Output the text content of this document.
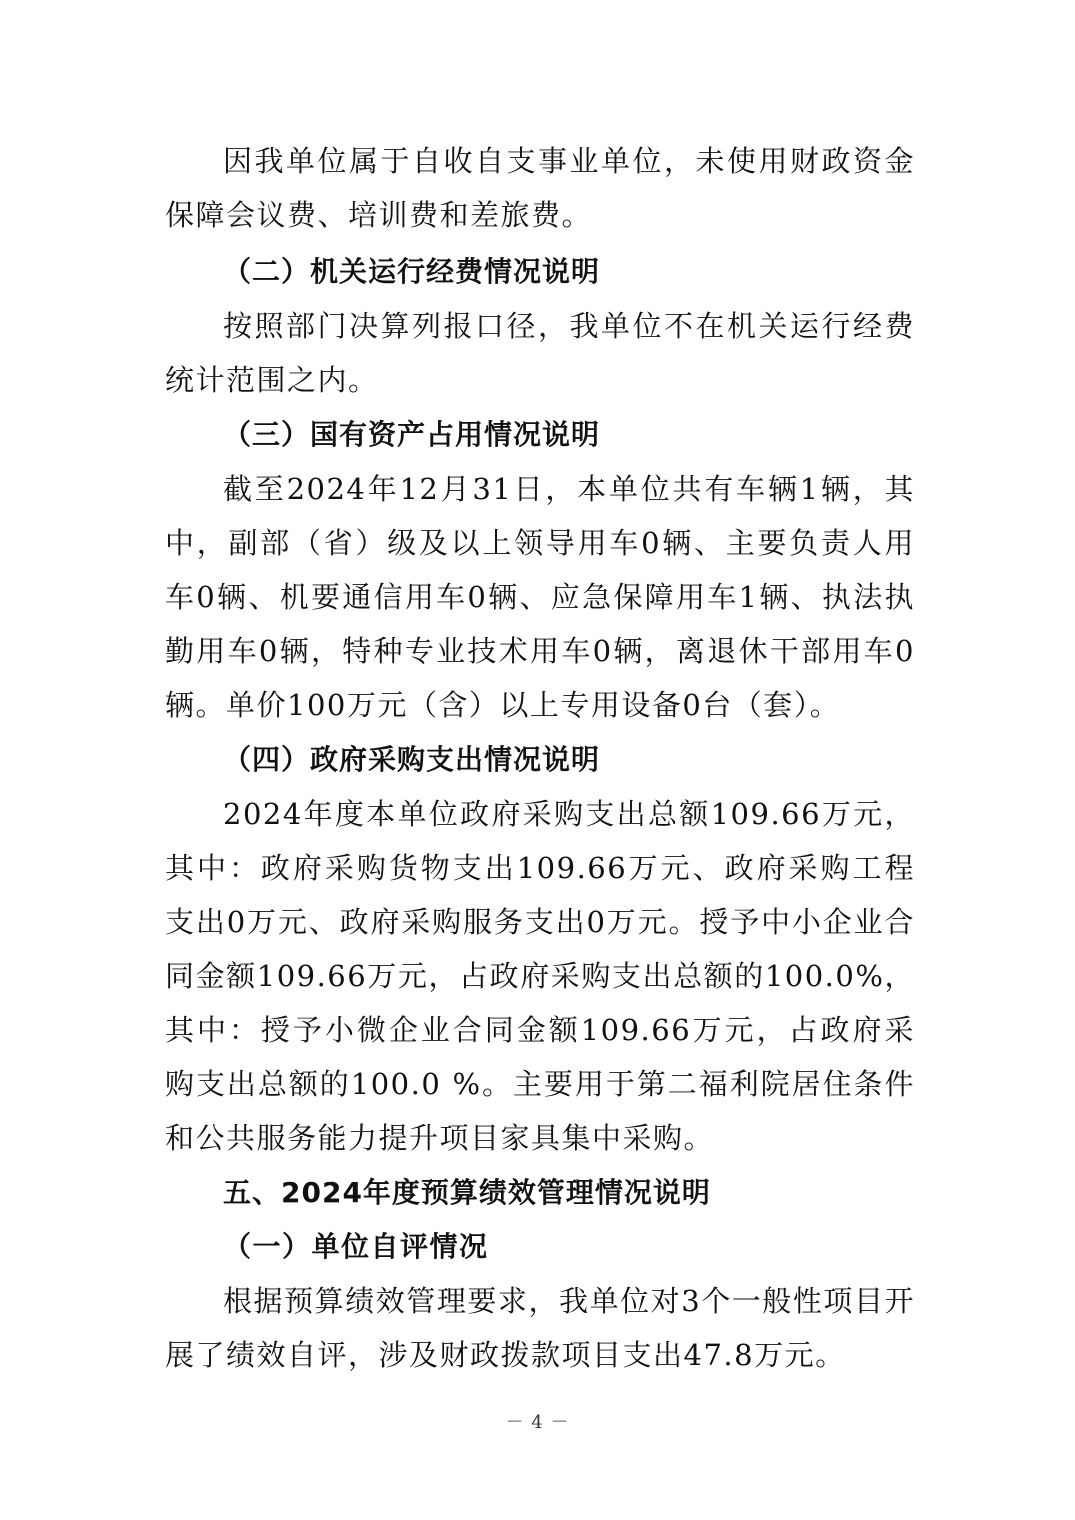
因我单位属于自收自支事业单位，未使用财政资金保障会议费、培训费和差旅费。

（二）机关运行经费情况说明

按照部门决算列报口径，我单位不在机关运行经费统计范围之内。

（三）国有资产占用情况说明

截至2024年12月31日，本单位共有车辆1辆，其中，副部（省）级及以上领导用车0辆、主要负责人用车0辆、机要通信用车0辆、应急保障用车1辆、执法执勤用车0辆，特种专业技术用车0辆，离退休干部用车0辆。单价100万元（含）以上专用设备0台（套）。

（四）政府采购支出情况说明

2024年度本单位政府采购支出总额109.66万元，其中：政府采购货物支出109.66万元、政府采购工程支出0万元、政府采购服务支出0万元。授予中小企业合同金额109.66万元，占政府采购支出总额的100.0%，其中：授予小微企业合同金额109.66万元，占政府采购支出总额的100.0 %。主要用于第二福利院居住条件和公共服务能力提升项目家具集中采购。

五、2024年度预算绩效管理情况说明
（一）单位自评情况

根据预算绩效管理要求，我单位对3个一般性项目开展了绩效自评，涉及财政拨款项目支出47.8万元。

－ 4 －
